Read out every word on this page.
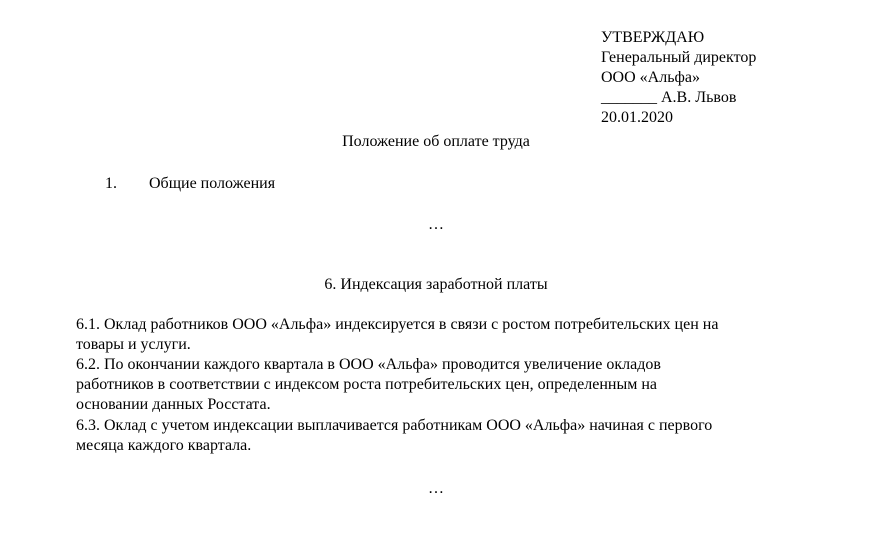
УТВЕРЖДАЮ
Генеральный директор
ООО «Альфа»
_______ А.В. Львов
20.01.2020
Положение об оплате труда
1. Общие положения
…
6. Индексация заработной платы
6.1. Оклад работников ООО «Альфа» индексируется в связи с ростом потребительских цен на
товары и услуги.
6.2. По окончании каждого квартала в ООО «Альфа» проводится увеличение окладов
работников в соответствии с индексом роста потребительских цен, определенным на
основании данных Росстата.
6.3. Оклад с учетом индексации выплачивается работникам ООО «Альфа» начиная с первого
месяца каждого квартала.
…
